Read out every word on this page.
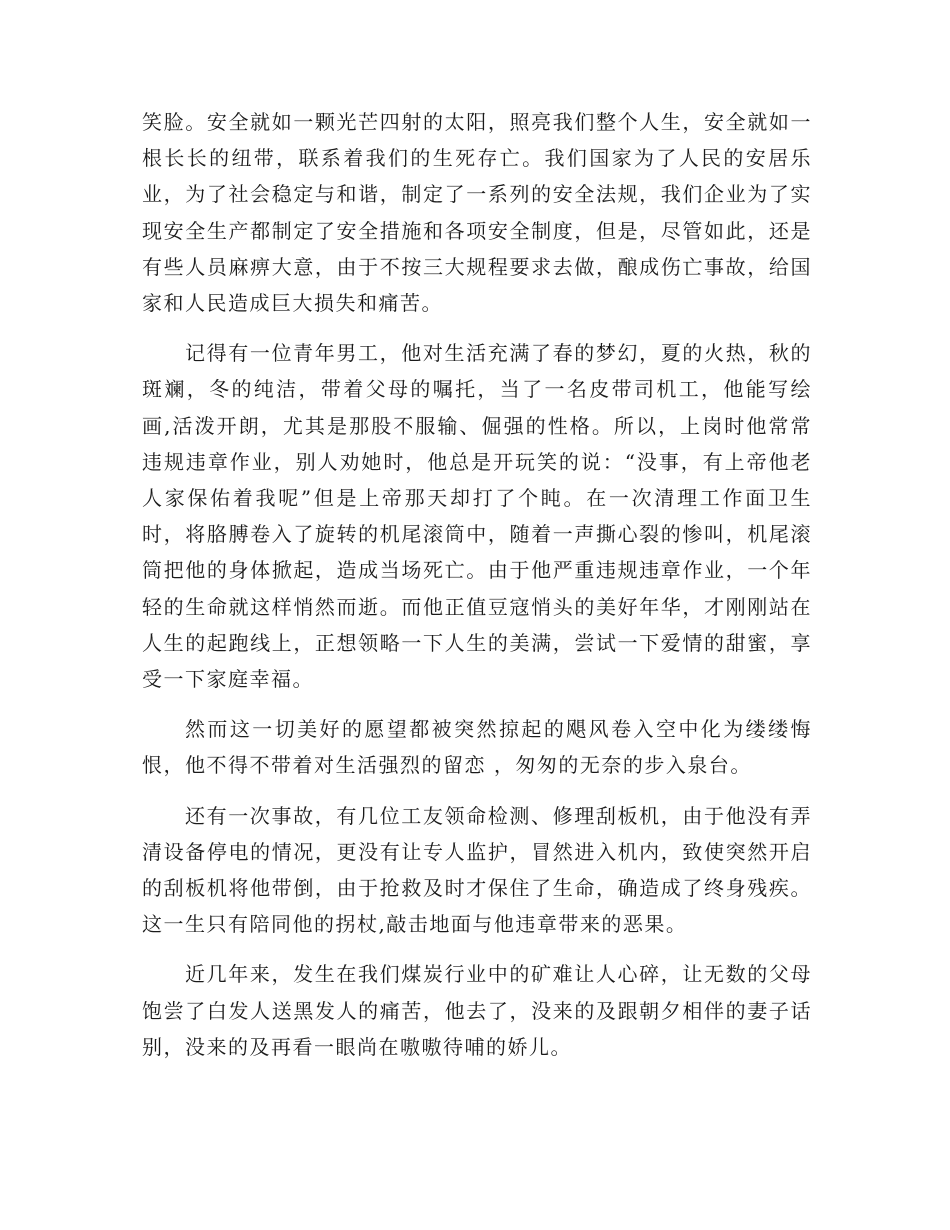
笑脸。安全就如一颗光芒四射的太阳，照亮我们整个人生，安全就如一根长长的纽带，联系着我们的生死存亡。我们国家为了人民的安居乐业，为了社会稳定与和谐，制定了一系列的安全法规，我们企业为了实现安全生产都制定了安全措施和各项安全制度，但是，尽管如此，还是有些人员麻痹大意，由于不按三大规程要求去做，酿成伤亡事故，给国家和人民造成巨大损失和痛苦。

记得有一位青年男工，他对生活充满了春的梦幻，夏的火热，秋的斑斓，冬的纯洁，带着父母的嘱托，当了一名皮带司机工，他能写绘画,活泼开朗，尤其是那股不服输、倔强的性格。所以，上岗时他常常违规违章作业，别人劝她时，他总是开玩笑的说：“没事，有上帝他老人家保佑着我呢”但是上帝那天却打了个盹。在一次清理工作面卫生时，将胳膊卷入了旋转的机尾滚筒中，随着一声撕心裂的惨叫，机尾滚筒把他的身体掀起，造成当场死亡。由于他严重违规违章作业，一个年轻的生命就这样悄然而逝。而他正值豆寇悄头的美好年华，才刚刚站在人生的起跑线上，正想领略一下人生的美满，尝试一下爱情的甜蜜，享受一下家庭幸福。

然而这一切美好的愿望都被突然掠起的飓风卷入空中化为缕缕悔恨，他不得不带着对生活强烈的留恋 ，匆匆的无奈的步入泉台。

还有一次事故，有几位工友领命检测、修理刮板机，由于他没有弄清设备停电的情况，更没有让专人监护，冒然进入机内，致使突然开启的刮板机将他带倒，由于抢救及时才保住了生命，确造成了终身残疾。这一生只有陪同他的拐杖,敲击地面与他违章带来的恶果。

近几年来，发生在我们煤炭行业中的矿难让人心碎，让无数的父母饱尝了白发人送黑发人的痛苦，他去了，没来的及跟朝夕相伴的妻子话别，没来的及再看一眼尚在嗷嗷待哺的娇儿。
